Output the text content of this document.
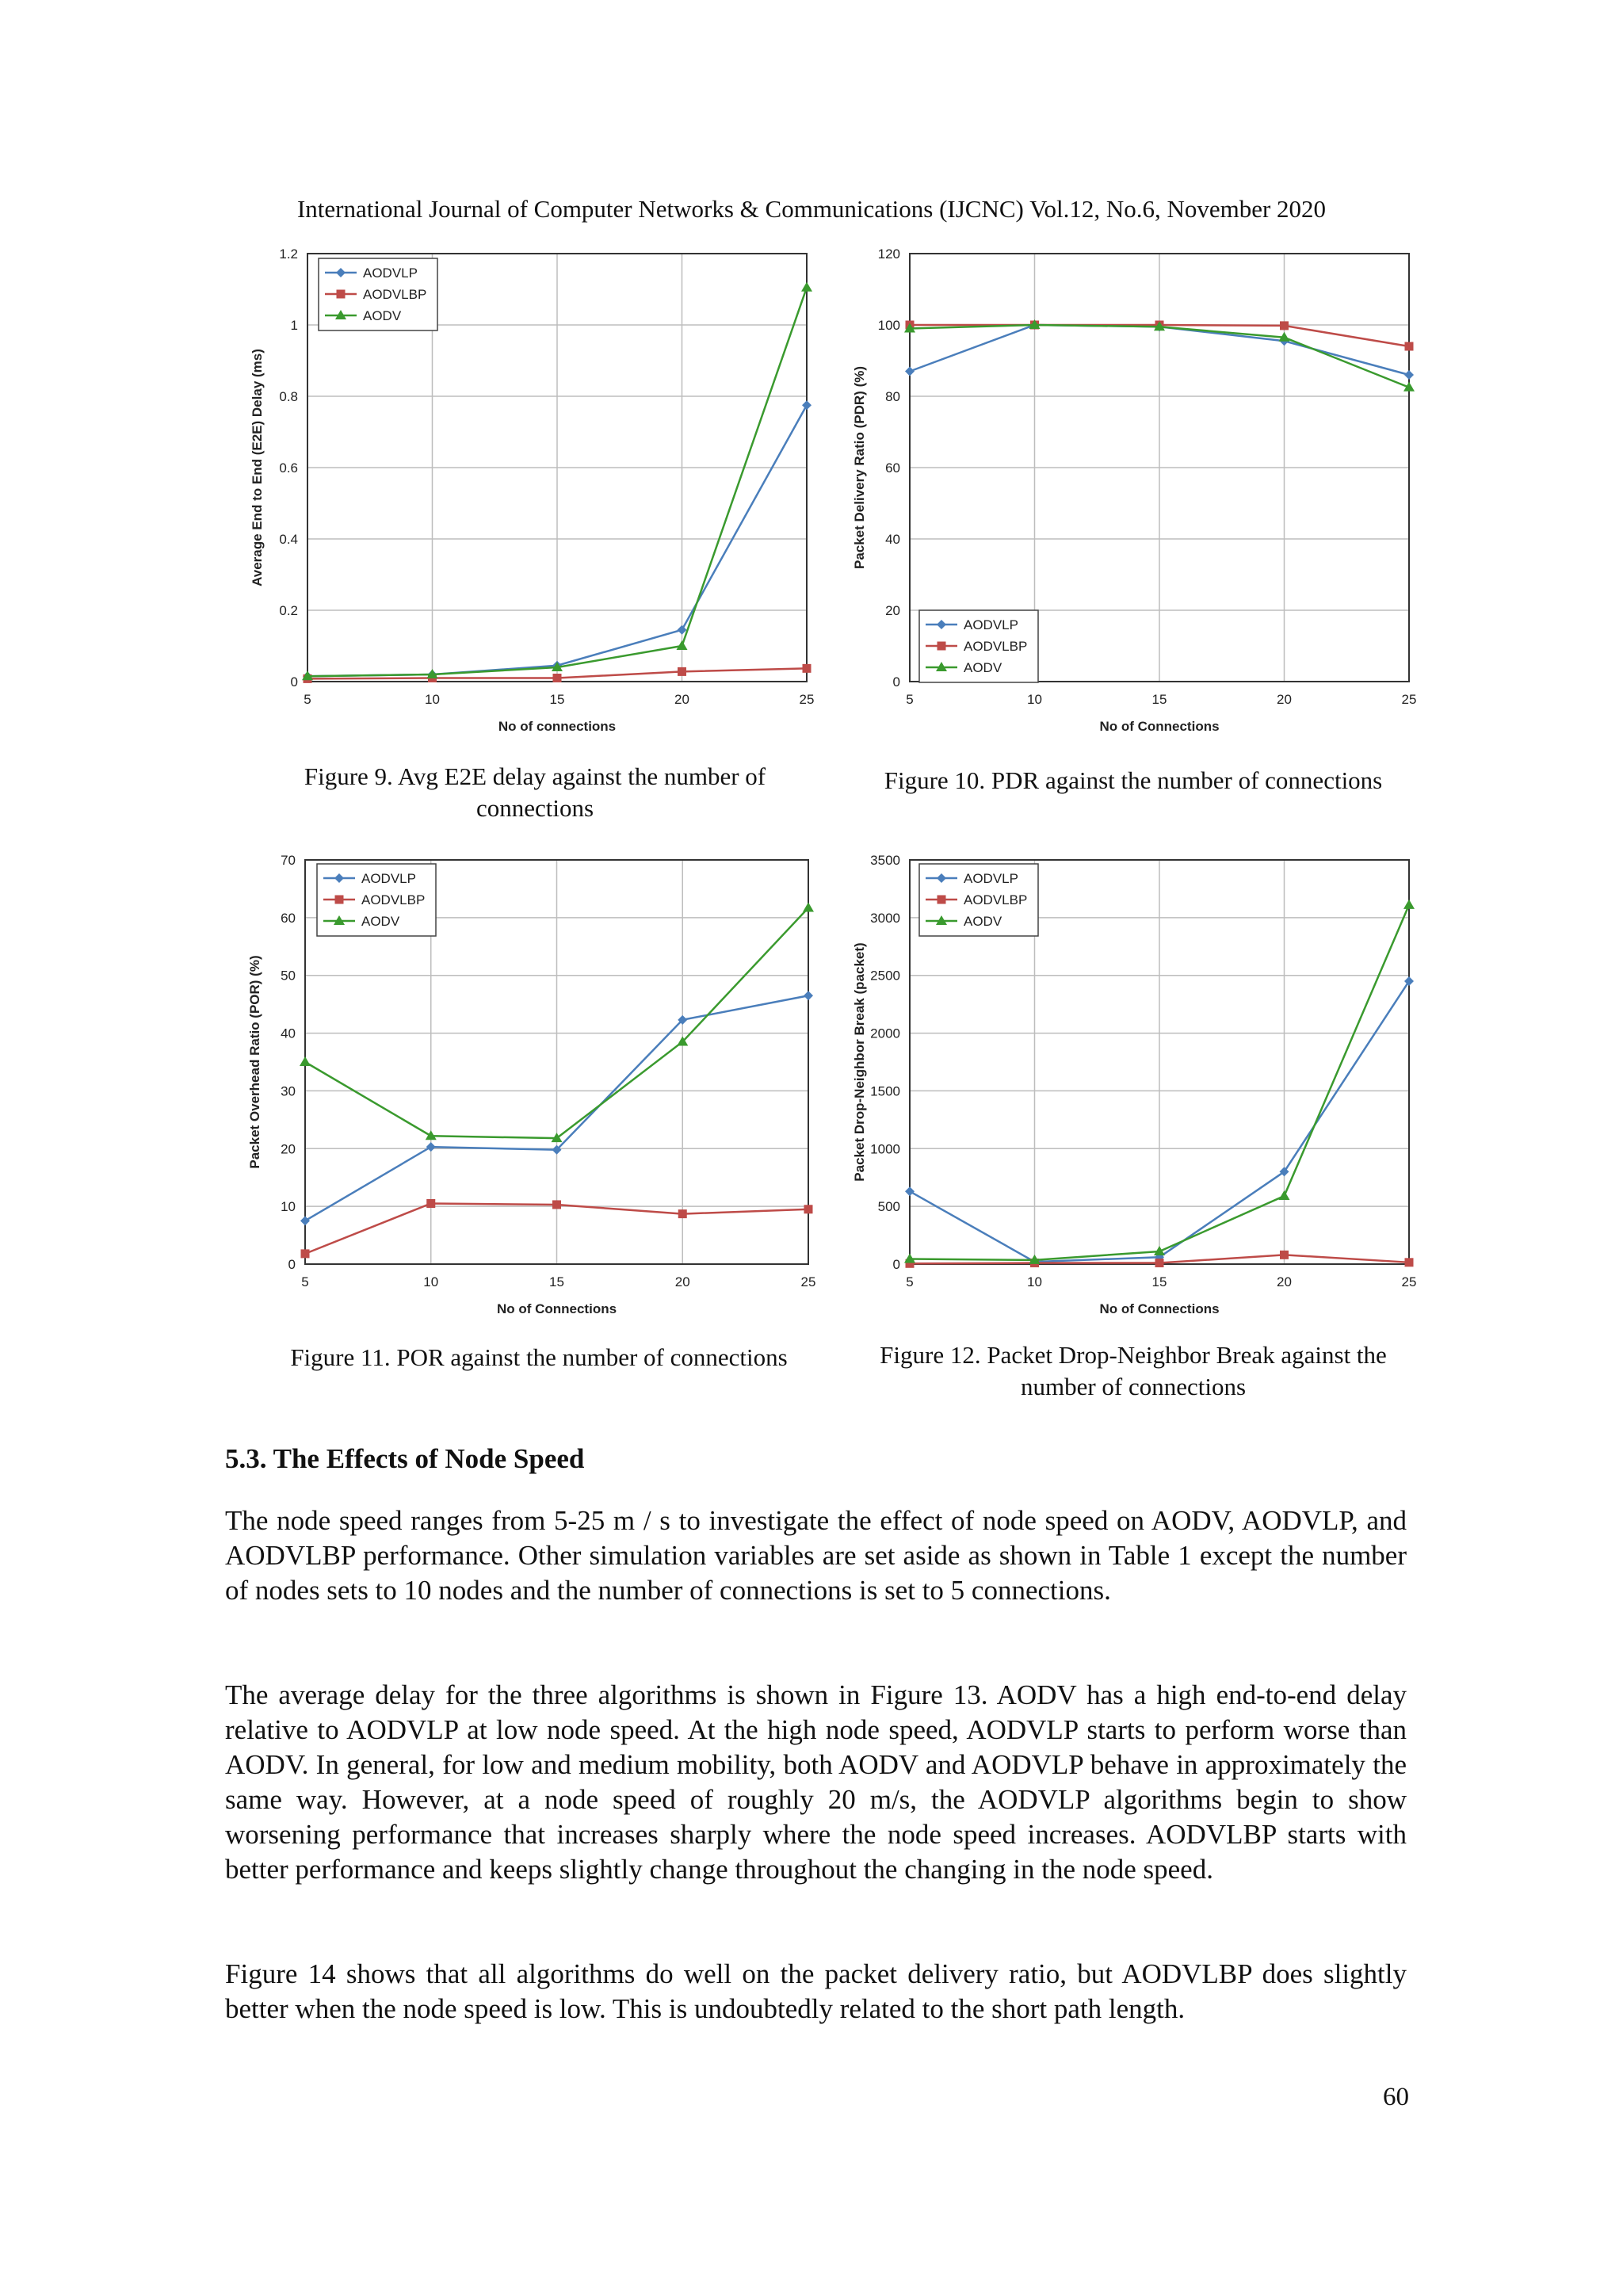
International Journal of Computer Networks & Communications (IJCNC) Vol.12, No.6, November 2020
0
0.2
0.4
0.6
0.8
1
1.2
5	10	15	20	25
No of connections
Average End to End (E2E) Delay (ms)
AODVLP
AODVLBP
AODV
0
20
40
60
80
100
120
5	10	15	20	25
No of Connections
Packet Delivery Ratio (PDR) (%)
AODVLP
AODVLBP
AODV
0
10
20
30
40
50
60
70
5	10	15	20	25
No of Connections
Packet Overhead Ratio (POR) (%)
AODVLP
AODVLBP
AODV
0
500
1000
1500
2000
2500
3000
3500
5	10	15	20	25
No of Connections
Packet Drop-Neighbor Break (packet)
AODVLP
AODVLBP
AODV
Figure 9. Avg E2E delay against the number of connections
Figure 10. PDR against the number of connections
Figure 11. POR against the number of connections	Figure 12. Packet Drop-Neighbor Break against the number of connections
5.3. The Effects of Node Speed

The node speed ranges from 5-25 m / s to investigate the effect of node speed on AODV, AODVLP, and AODVLBP performance. Other simulation variables are set aside as shown in Table 1 except the number of nodes sets to 10 nodes and the number of connections is set to 5 connections.

The average delay for the three algorithms is shown in Figure 13. AODV has a high end-to-end delay relative to AODVLP at low node speed. At the high node speed, AODVLP starts to perform worse than AODV. In general, for low and medium mobility, both AODV and AODVLP behave in approximately the same way. However, at a node speed of roughly 20 m/s, the AODVLP algorithms begin to show worsening performance that increases sharply where the node speed increases. AODVLBP starts with better performance and keeps slightly change throughout the changing in the node speed.

Figure 14 shows that all algorithms do well on the packet delivery ratio, but AODVLBP does slightly better when the node speed is low. This is undoubtedly related to the short path length.

60
